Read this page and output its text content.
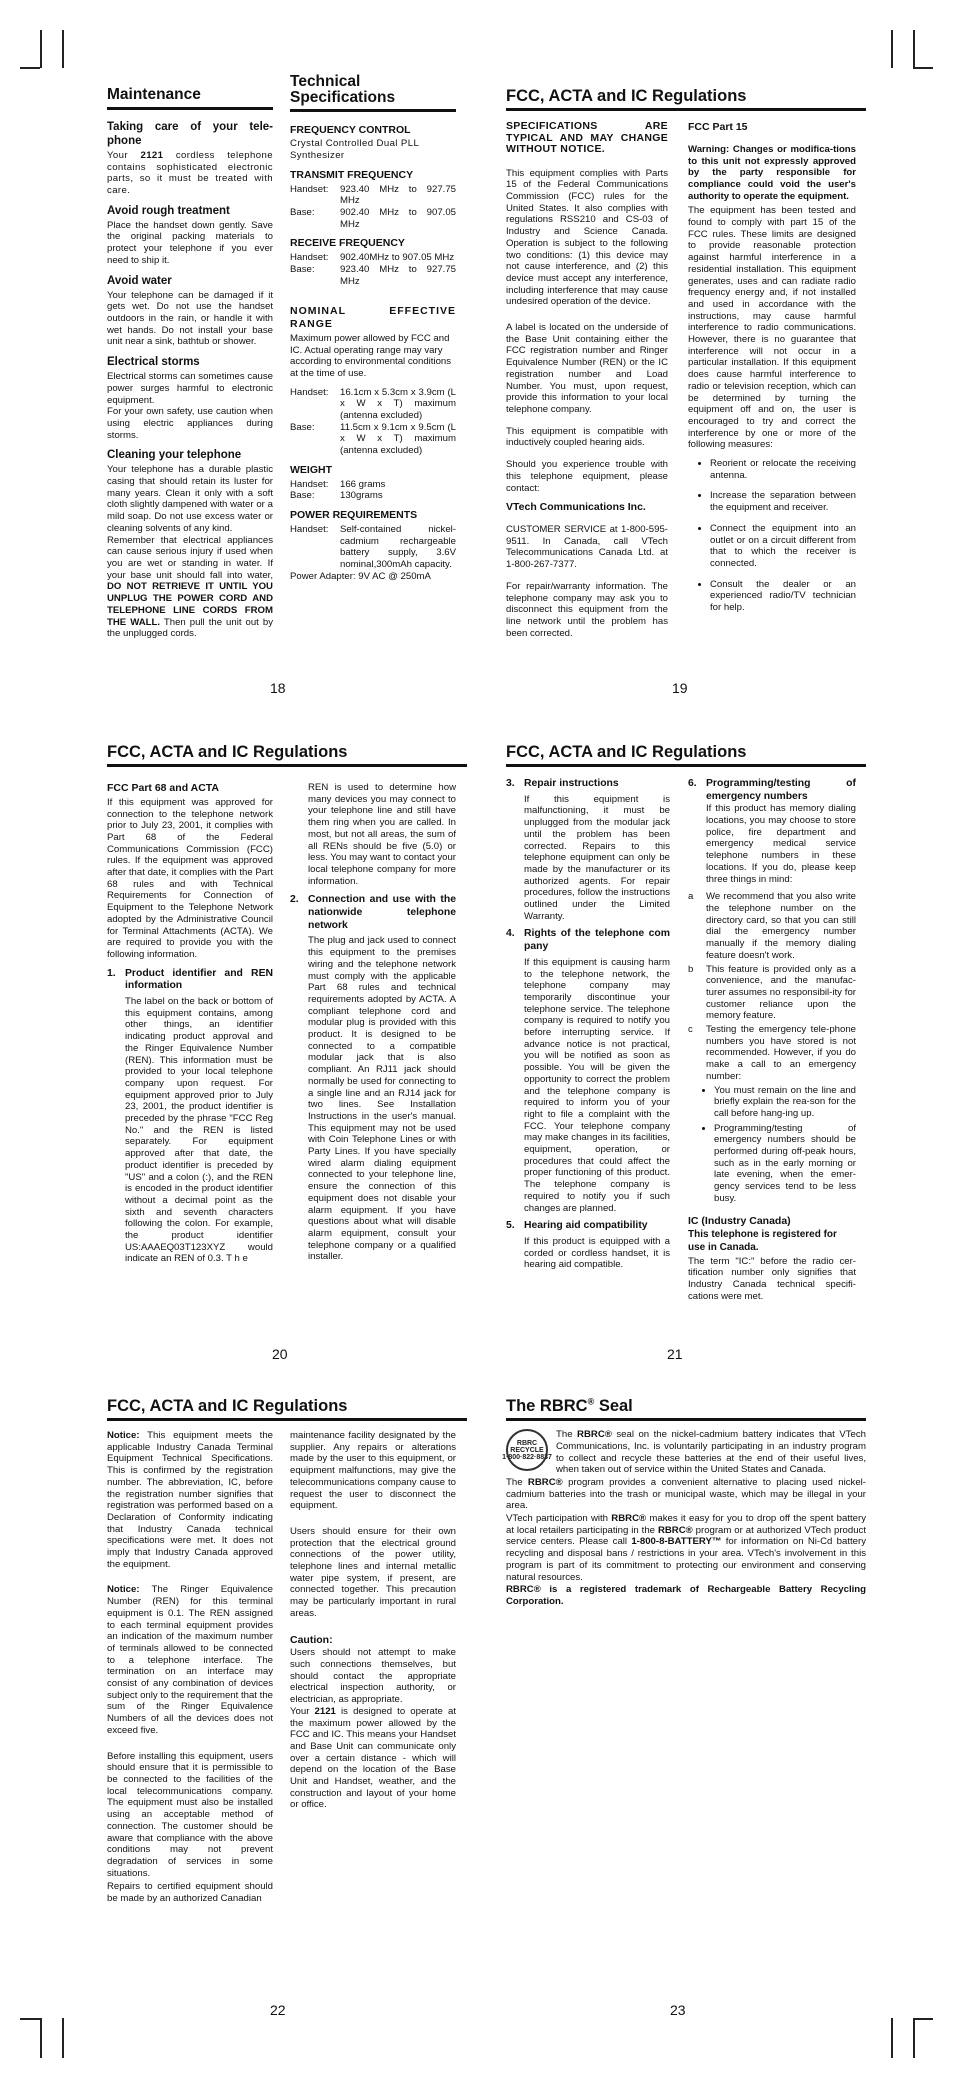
Maintenance
Taking care of your tele-phone

Your 2121 cordless telephone contains sophisticated electronic parts, so it must be treated with care.

Avoid rough treatment

Place the handset down gently. Save the original packing materials to protect your telephone if you ever need to ship it.

Avoid water

Your telephone can be damaged if it gets wet. Do not use the handset outdoors in the rain, or handle it with wet hands. Do not install your base unit near a sink, bathtub or shower.

Electrical storms

Electrical storms can sometimes cause power surges harmful to electronic equipment.

For your own safety, use caution when using electric appliances during storms.

Cleaning your telephone

Your telephone has a durable plastic casing that should retain its luster for many years. Clean it only with a soft cloth slightly dampened with water or a mild soap. Do not use excess water or cleaning solvents of any kind.

Remember that electrical appliances can cause serious injury if used when you are wet or standing in water. If your base unit should fall into water, DO NOT RETRIEVE IT UNTIL YOU UNPLUG THE POWER CORD AND TELEPHONE LINE CORDS FROM THE WALL. Then pull the unit out by the unplugged cords.

Technical
Specifications
FREQUENCY CONTROL

Crystal Controlled Dual PLL Synthesizer

TRANSMIT FREQUENCY
Handset:	923.40 MHz to 927.75 MHz
Base:	902.40 MHz to 907.05 MHz
RECEIVE FREQUENCY
Handset:	902.40MHz to 907.05 MHz
Base:	923.40 MHz to 927.75 MHz
NOMINAL EFFECTIVE RANGE

Maximum power allowed by FCC and IC. Actual operating range may vary according to environmental conditions at the time of use.

Handset:	16.1cm x 5.3cm x 3.9cm (L x W x T) maximum (antenna excluded)
Base:	11.5cm x 9.1cm x 9.5cm (L x W x T) maximum (antenna excluded)
WEIGHT
Handset:	166 grams
Base:	130grams
POWER REQUIREMENTS
Handset:	Self-contained nickel-cadmium rechargeable battery supply, 3.6V nominal,300mAh capacity.
Power Adapter: 9V AC @ 250mA
18
FCC, ACTA and IC Regulations
SPECIFICATIONS ARE TYPICAL AND MAY CHANGE WITHOUT NOTICE.

This equipment complies with Parts 15 of the Federal Communications Commission (FCC) rules for the United States. It also complies with regulations RSS210 and CS-03 of Industry and Science Canada. Operation is subject to the following two conditions: (1) this device may not cause interference, and (2) this device must accept any interference, including interference that may cause undesired operation of the device.

A label is located on the underside of the Base Unit containing either the FCC registration number and Ringer Equivalence Number (REN) or the IC registration number and Load Number. You must, upon request, provide this information to your local telephone company.

This equipment is compatible with inductively coupled hearing aids.

Should you experience trouble with this telephone equipment, please contact:

VTech Communications Inc.

CUSTOMER SERVICE at 1-800-595-9511. In Canada, call VTech Telecommunications Canada Ltd. at 1-800-267-7377.

For repair/warranty information. The telephone company may ask you to disconnect this equipment from the line network until the problem has been corrected.

FCC Part 15

Warning: Changes or modifica-tions to this unit not expressly approved by the party responsible for compliance could void the user's authority to operate the equipment.

The equipment has been tested and found to comply with part 15 of the FCC rules. These limits are designed to provide reasonable protection against harmful interference in a residential installation. This equipment generates, uses and can radiate radio frequency energy and, if not installed and used in accordance with the instructions, may cause harmful interference to radio communications. However, there is no guarantee that interference will not occur in a particular installation. If this equipment does cause harmful interference to radio or television reception, which can be determined by turning the equipment off and on, the user is encouraged to try and correct the interference by one or more of the following measures:

• Reorient or relocate the receiving antenna.
• Increase the separation between the equipment and receiver.
• Connect the equipment into an outlet or on a circuit different from that to which the receiver is connected.
• Consult the dealer or an experienced radio/TV technician for help.
19
FCC, ACTA and IC Regulations
FCC Part 68 and ACTA

If this equipment was approved for connection to the telephone network prior to July 23, 2001, it complies with Part 68 of the Federal Communications Commission (FCC) rules. If the equipment was approved after that date, it complies with the Part 68 rules and with Technical Requirements for Connection of Equipment to the Telephone Network adopted by the Administrative Council for Terminal Attachments (ACTA). We are required to provide you with the following information.

1. Product identifier and REN information
The label on the back or bottom of this equipment contains, among other things, an identifier indicating product approval and the Ringer Equivalence Number (REN). This information must be provided to your local telephone company upon request. For equipment approved prior to July 23, 2001, the product identifier is preceded by the phrase "FCC Reg No." and the REN is listed separately. For equipment approved after that date, the product identifier is preceded by "US" and a colon (:), and the REN is encoded in the product identifier without a decimal point as the sixth and seventh characters following the colon. For example, the product identifier US:AAAEQ03T123XYZ would indicate an REN of 0.3. T h e

REN is used to determine how many devices you may connect to your telephone line and still have them ring when you are called. In most, but not all areas, the sum of all RENs should be five (5.0) or less. You may want to contact your local telephone company for more information.

2. Connection and use with the nationwide telephone network
The plug and jack used to connect this equipment to the premises wiring and the telephone network must comply with the applicable Part 68 rules and technical requirements adopted by ACTA. A compliant telephone cord and modular plug is provided with this product. It is designed to be connected to a compatible modular jack that is also compliant. An RJ11 jack should normally be used for connecting to a single line and an RJ14 jack for two lines. See Installation Instructions in the user's manual. This equipment may not be used with Coin Telephone Lines or with Party Lines. If you have specially wired alarm dialing equipment connected to your telephone line, ensure the connection of this equipment does not disable your alarm equipment. If you have questions about what will disable alarm equipment, consult your telephone company or a qualified installer.
20
FCC, ACTA and IC Regulations
3. Repair instructions
If this equipment is malfunctioning, it must be unplugged from the modular jack until the problem has been corrected. Repairs to this telephone equipment can only be made by the manufacturer or its authorized agents. For repair procedures, follow the instructions outlined under the Limited Warranty.
4. Rights of the telephone com pany
If this equipment is causing harm to the telephone network, the telephone company may temporarily discontinue your telephone service. The telephone company is required to notify you before interrupting service. If advance notice is not practical, you will be notified as soon as possible. You will be given the opportunity to correct the problem and the telephone company is required to inform you of your right to file a complaint with the FCC. Your telephone company may make changes in its facilities, equipment, operation, or procedures that could affect the proper functioning of this product. The telephone company is required to notify you if such changes are planned.
5. Hearing aid compatibility
If this product is equipped with a corded or cordless handset, it is hearing aid compatible.
6. Programming/testing of emergency numbers
If this product has memory dialing locations, you may choose to store police, fire department and emergency medical service telephone numbers in these locations. If you do, please keep three things in mind:
a	We recommend that you also write the telephone number on the directory card, so that you can still dial the emergency number manually if the memory dialing feature doesn't work.
b	This feature is provided only as a convenience, and the manufac-turer assumes no responsibil-ity for customer reliance upon the memory feature.
c	Testing the emergency tele-phone numbers you have stored is not recommended. However, if you do make a call to an emergency number:
• You must remain on the line and briefly explain the rea-son for the call before hang-ing up.
• Programming/testing of emergency numbers should be performed during off-peak hours, such as in the early morning or late evening, when the emer-gency services tend to be less busy.
IC (Industry Canada)

This telephone is registered for use in Canada.

The term "IC:" before the radio cer-tification number only signifies that Industry Canada technical specifi-cations were met.

21
FCC, ACTA and IC Regulations

Notice: This equipment meets the applicable Industry Canada Terminal Equipment Technical Specifications. This is confirmed by the registration number. The abbreviation, IC, before the registration number signifies that registration was performed based on a Declaration of Conformity indicating that Industry Canada technical specifications were met. It does not imply that Industry Canada approved the equipment.

Notice: The Ringer Equivalence Number (REN) for this terminal equipment is 0.1. The REN assigned to each terminal equipment provides an indication of the maximum number of terminals allowed to be connected to a telephone interface. The termination on an interface may consist of any combination of devices subject only to the requirement that the sum of the Ringer Equivalence Numbers of all the devices does not exceed five.

Before installing this equipment, users should ensure that it is permissible to be connected to the facilities of the local telecommunications company. The equipment must also be installed using an acceptable method of connection. The customer should be aware that compliance with the above conditions may not prevent degradation of services in some situations.

Repairs to certified equipment should be made by an authorized Canadian

maintenance facility designated by the supplier. Any repairs or alterations made by the user to this equipment, or equipment malfunctions, may give the telecommunications company cause to request the user to disconnect the equipment.

Users should ensure for their own protection that the electrical ground connections of the power utility, telephone lines and internal metallic water pipe system, if present, are connected together. This precaution may be particularly important in rural areas.

Caution:

Users should not attempt to make such connections themselves, but should contact the appropriate electrical inspection authority, or electrician, as appropriate.

Your 2121 is designed to operate at the maximum power allowed by the FCC and IC. This means your Handset and Base Unit can communicate only over a certain distance - which will depend on the location of the Base Unit and Handset, weather, and the construction and layout of your home or office.

22
The RBRC® Seal
RBRC RECYCLE 1·800·822·8837

The RBRC® seal on the nickel-cadmium battery indicates that VTech Communications, Inc. is voluntarily participating in an industry program to collect and recycle these batteries at the end of their useful lives, when taken out of service within the United States and Canada.

The RBRC® program provides a convenient alternative to placing used nickel-cadmium batteries into the trash or municipal waste, which may be illegal in your area.

VTech participation with RBRC® makes it easy for you to drop off the spent battery at local retailers participating in the RBRC® program or at authorized VTech product service centers. Please call 1-800-8-BATTERY™ for information on Ni-Cd battery recycling and disposal bans / restrictions in your area. VTech's involvement in this program is part of its commitment to protecting our environment and conserving natural resources.

RBRC® is a registered trademark of Rechargeable Battery Recycling Corporation.

23
